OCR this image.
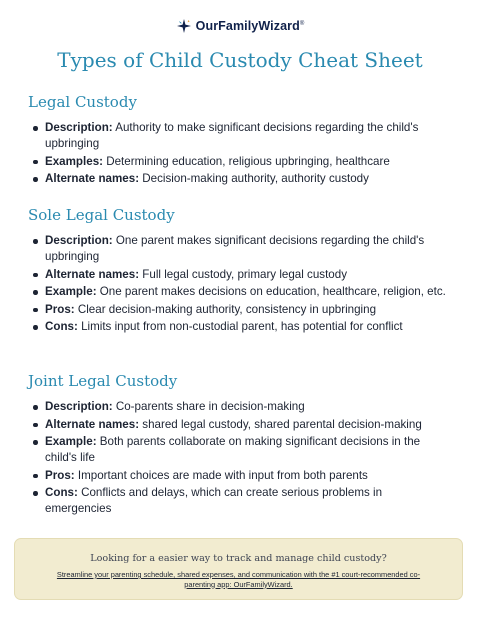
OurFamilyWizard®
Types of Child Custody Cheat Sheet
Legal Custody
Description: Authority to make significant decisions regarding the child's upbringing
Examples: Determining education, religious upbringing, healthcare
Alternate names: Decision-making authority, authority custody
Sole Legal Custody
Description: One parent makes significant decisions regarding the child's upbringing
Alternate names: Full legal custody, primary legal custody
Example: One parent makes decisions on education, healthcare, religion, etc.
Pros: Clear decision-making authority, consistency in upbringing
Cons: Limits input from non-custodial parent, has potential for conflict
Joint Legal Custody
Description: Co-parents share in decision-making
Alternate names: shared legal custody, shared parental decision-making
Example: Both parents collaborate on making significant decisions in the child's life
Pros: Important choices are made with input from both parents
Cons: Conflicts and delays, which can create serious problems in emergencies
Looking for a easier way to track and manage child custody?
Streamline your parenting schedule, shared expenses, and communication with the #1 court-recommended co-parenting app: OurFamilyWizard.
